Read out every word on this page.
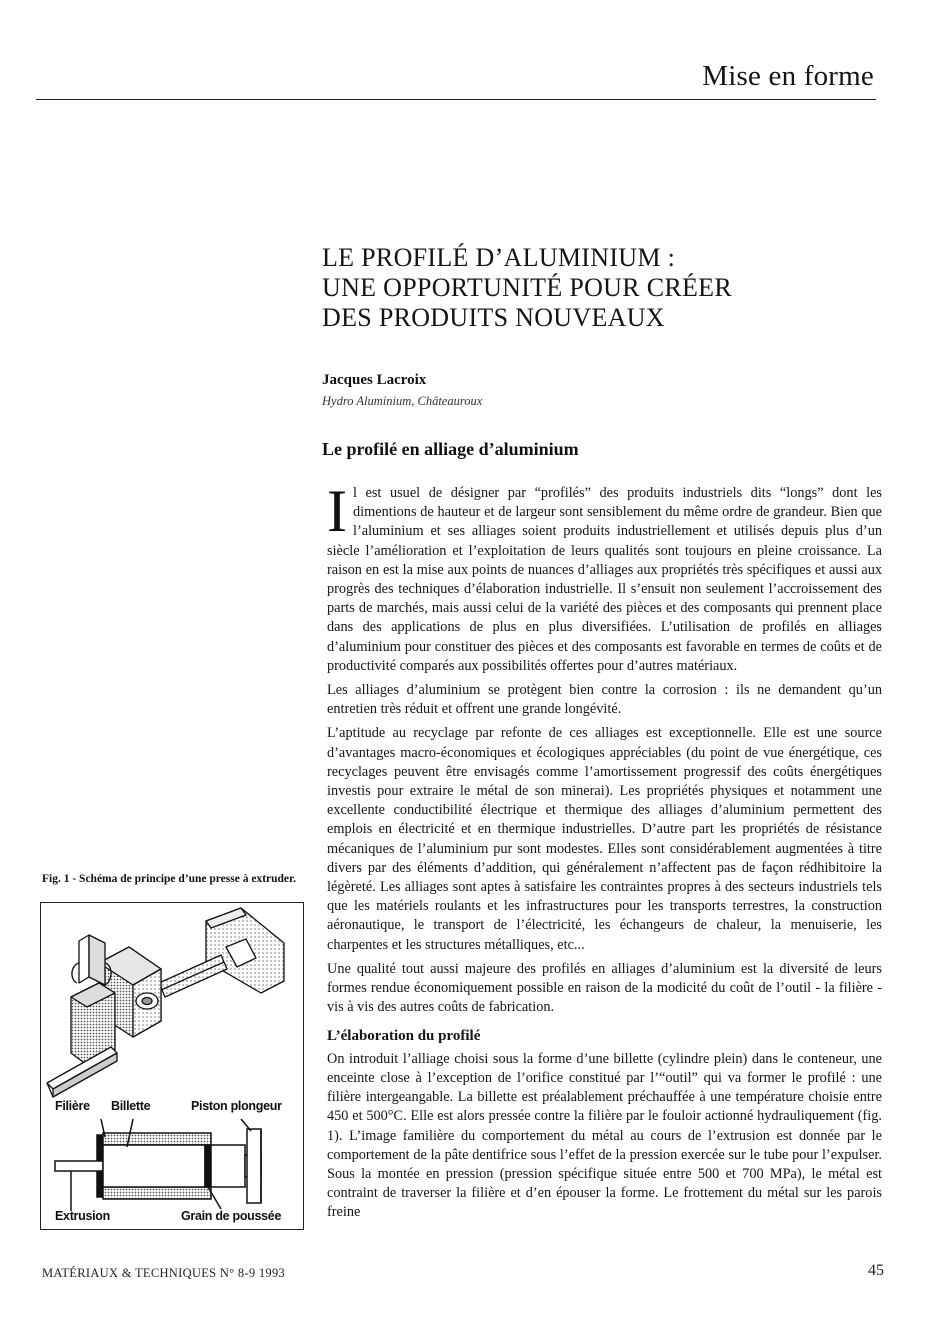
Mise en forme
LE PROFILÉ D’ALUMINIUM :
UNE OPPORTUNITÉ POUR CRÉER
DES PRODUITS NOUVEAUX
Jacques Lacroix
Hydro Aluminium, Châteauroux
Le profilé en alliage d’aluminium

Il est usuel de désigner par “profilés” des produits industriels dits “longs” dont les dimentions de hauteur et de largeur sont sensiblement du même ordre de grandeur. Bien que l’aluminium et ses alliages soient produits industriellement et utilisés depuis plus d’un siècle l’amélioration et l’exploitation de leurs qualités sont toujours en pleine croissance. La raison en est la mise aux points de nuances d’alliages aux propriétés très spécifiques et aussi aux progrès des techniques d’élaboration industrielle. Il s’ensuit non seulement l’accroissement des parts de marchés, mais aussi celui de la variété des pièces et des composants qui prennent place dans des applications de plus en plus diversifiées. L’utilisation de profilés en alliages d’aluminium pour constituer des pièces et des composants est favorable en termes de coûts et de productivité comparés aux possibilités offertes pour d’autres matériaux.

Les alliages d’aluminium se protègent bien contre la corrosion : ils ne demandent qu’un entretien très réduit et offrent une grande longévité.

L’aptitude au recyclage par refonte de ces alliages est exceptionnelle. Elle est une source d’avantages macro-économiques et écologiques appréciables (du point de vue énergétique, ces recyclages peuvent être envisagés comme l’amortissement progressif des coûts énergétiques investis pour extraire le métal de son minerai). Les propriétés physiques et notamment une excellente conductibilité électrique et thermique des alliages d’aluminium permettent des emplois en électricité et en thermique industrielles. D’autre part les propriétés de résistance mécaniques de l’aluminium pur sont modestes. Elles sont considérablement augmentées à titre divers par des éléments d’addition, qui généralement n’affectent pas de façon rédhibitoire la légèreté. Les alliages sont aptes à satisfaire les contraintes propres à des secteurs industriels tels que les matériels roulants et les infrastructures pour les transports terrestres, la construction aéronautique, le transport de l’électricité, les échangeurs de chaleur, la menuiserie, les charpentes et les structures métalliques, etc...

Une qualité tout aussi majeure des profilés en alliages d’aluminium est la diversité de leurs formes rendue économiquement possible en raison de la modicité du coût de l’outil - la filière - vis à vis des autres coûts de fabrication.

L’élaboration du profilé

On introduit l’alliage choisi sous la forme d’une billette (cylindre plein) dans le conteneur, une enceinte close à l’exception de l’orifice constitué par l’“outil” qui va former le profilé : une filière intergeangable. La billette est préalablement préchauffée à une température choisie entre 450 et 500°C. Elle est alors pressée contre la filière par le fouloir actionné hydrauliquement (fig. 1). L’image familière du comportement du métal au cours de l’extrusion est donnée par le comportement de la pâte dentifrice sous l’effet de la pression exercée sur le tube pour l’expulser. Sous la montée en pression (pression spécifique située entre 500 et 700 MPa), le métal est contraint de traverser la filière et d’en épouser la forme. Le frottement du métal sur les parois freine

Fig. 1 - Schéma de principe d’une presse à extruder.
Filière Billette	Piston plongeur
Extrusion	Grain de poussée
MATÉRIAUX & TECHNIQUES N° 8-9 1993	45
